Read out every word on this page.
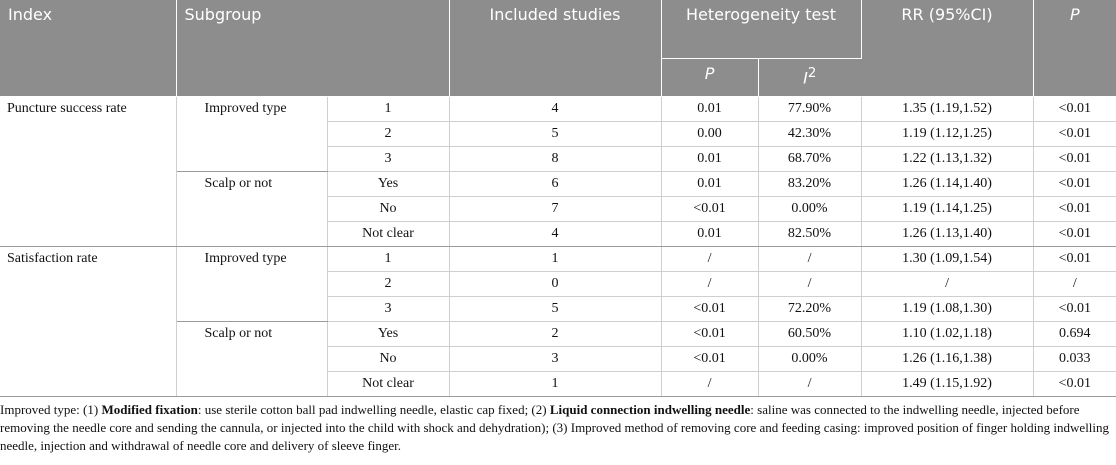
Index	Subgroup		Included studies	Heterogeneity test		RR (95%CI)	P
				P	$I^2$
Puncture success rate	Improved type	1	4	0.01	77.90%	1.35 (1.19,1.52)	<0.01
		2	5	0.00	42.30%	1.19 (1.12,1.25)	<0.01
		3	8	0.01	68.70%	1.22 (1.13,1.32)	<0.01
	Scalp or not	Yes	6	0.01	83.20%	1.26 (1.14,1.40)	<0.01
		No	7	<0.01	0.00%	1.19 (1.14,1.25)	<0.01
		Not clear	4	0.01	82.50%	1.26 (1.13,1.40)	<0.01
Satisfaction rate	Improved type	1	1	/	/	1.30 (1.09,1.54)	<0.01
		2	0	/	/	/	/
		3	5	<0.01	72.20%	1.19 (1.08,1.30)	<0.01
	Scalp or not	Yes	2	<0.01	60.50%	1.10 (1.02,1.18)	0.694
		No	3	<0.01	0.00%	1.26 (1.16,1.38)	0.033
		Not clear	1	/	/	1.49 (1.15,1.92)	<0.01
Improved type: (1) Modified fixation: use sterile cotton ball pad indwelling needle, elastic cap fixed; (2) Liquid connection indwelling needle: saline was connected to the indwelling needle, injected before removing the needle core and sending the cannula, or injected into the child with shock and dehydration); (3) Improved method of removing core and feeding casing: improved position of finger holding indwelling needle, injection and withdrawal of needle core and delivery of sleeve finger.
